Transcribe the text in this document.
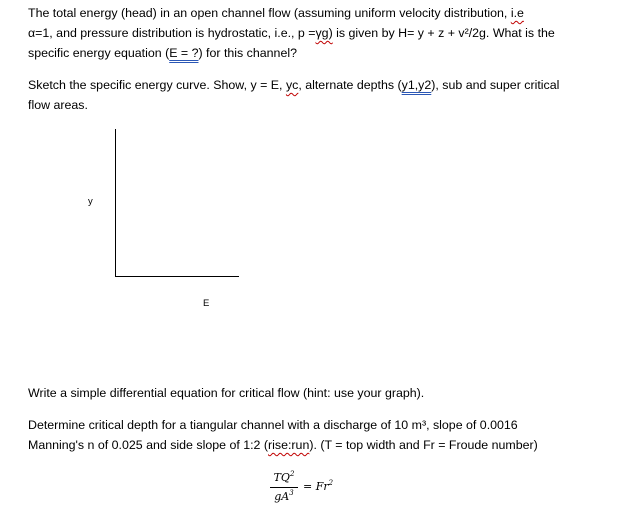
The total energy (head) in an open channel flow (assuming uniform velocity distribution, i.e
α=1, and pressure distribution is hydrostatic, i.e., p =γg) is given by H= y + z + v²/2g. What is the
specific energy equation (E = ?) for this channel?
Sketch the specific energy curve. Show, y = E, yc, alternate depths (y1,y2), sub and super critical
flow areas.
y
E
Write a simple differential equation for critical flow (hint: use your graph).
Determine critical depth for a tiangular channel with a discharge of 10 m³, slope of 0.0016
Manning's n of 0.025 and side slope of 1:2 (rise:run). (T = top width and Fr = Froude number)
$TQ^2$
$gA^3 = Fr^2$
